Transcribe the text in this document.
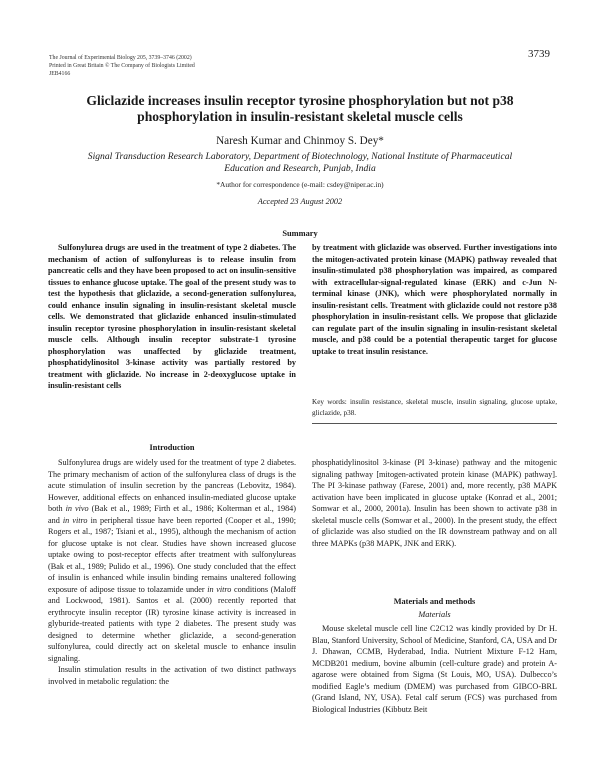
The Journal of Experimental Biology 205, 3739–3746 (2002)
Printed in Great Britain © The Company of Biologists Limited
JEB4166
3739
Gliclazide increases insulin receptor tyrosine phosphorylation but not p38
phosphorylation in insulin-resistant skeletal muscle cells
Naresh Kumar and Chinmoy S. Dey*
Signal Transduction Research Laboratory, Department of Biotechnology, National Institute of Pharmaceutical
Education and Research, Punjab, India
*Author for correspondence (e-mail: csdey@niper.ac.in)
Accepted 23 August 2002
Summary
Sulfonylurea drugs are used in the treatment of type 2 diabetes. The mechanism of action of sulfonylureas is to release insulin from pancreatic cells and they have been proposed to act on insulin-sensitive tissues to enhance glucose uptake. The goal of the present study was to test the hypothesis that gliclazide, a second-generation sulfonylurea, could enhance insulin signaling in insulin-resistant skeletal muscle cells. We demonstrated that gliclazide enhanced insulin-stimulated insulin receptor tyrosine phosphorylation in insulin-resistant skeletal muscle cells. Although insulin receptor substrate-1 tyrosine phosphorylation was unaffected by gliclazide treatment, phosphatidylinositol 3-kinase activity was partially restored by treatment with gliclazide. No increase in 2-deoxyglucose uptake in insulin-resistant cells
by treatment with gliclazide was observed. Further investigations into the mitogen-activated protein kinase (MAPK) pathway revealed that insulin-stimulated p38 phosphorylation was impaired, as compared with extracellular-signal-regulated kinase (ERK) and c-Jun N-terminal kinase (JNK), which were phosphorylated normally in insulin-resistant cells. Treatment with gliclazide could not restore p38 phosphorylation in insulin-resistant cells. We propose that gliclazide can regulate part of the insulin signaling in insulin-resistant skeletal muscle, and p38 could be a potential therapeutic target for glucose uptake to treat insulin resistance.
Key words: insulin resistance, skeletal muscle, insulin signaling, glucose uptake, gliclazide, p38.
Introduction

Sulfonylurea drugs are widely used for the treatment of type 2 diabetes. The primary mechanism of action of the sulfonylurea class of drugs is the acute stimulation of insulin secretion by the pancreas (Lebovitz, 1984). However, additional effects on enhanced insulin-mediated glucose uptake both in vivo (Bak et al., 1989; Firth et al., 1986; Kolterman et al., 1984) and in vitro in peripheral tissue have been reported (Cooper et al., 1990; Rogers et al., 1987; Tsiani et al., 1995), although the mechanism of action for glucose uptake is not clear. Studies have shown increased glucose uptake owing to post-receptor effects after treatment with sulfonylureas (Bak et al., 1989; Pulido et al., 1996). One study concluded that the effect of insulin is enhanced while insulin binding remains unaltered following exposure of adipose tissue to tolazamide under in vitro conditions (Maloff and Lockwood, 1981). Santos et al. (2000) recently reported that erythrocyte insulin receptor (IR) tyrosine kinase activity is increased in glyburide-treated patients with type 2 diabetes. The present study was designed to determine whether gliclazide, a second-generation sulfonylurea, could directly act on skeletal muscle to enhance insulin signaling.

Insulin stimulation results in the activation of two distinct pathways involved in metabolic regulation: the

phosphatidylinositol 3-kinase (PI 3-kinase) pathway and the mitogenic signaling pathway [mitogen-activated protein kinase (MAPK) pathway]. The PI 3-kinase pathway (Farese, 2001) and, more recently, p38 MAPK activation have been implicated in glucose uptake (Konrad et al., 2001; Somwar et al., 2000, 2001a). Insulin has been shown to activate p38 in skeletal muscle cells (Somwar et al., 2000). In the present study, the effect of gliclazide was also studied on the IR downstream pathway and on all three MAPKs (p38 MAPK, JNK and ERK).

Materials and methods
Materials

Mouse skeletal muscle cell line C2C12 was kindly provided by Dr H. Blau, Stanford University, School of Medicine, Stanford, CA, USA and Dr J. Dhawan, CCMB, Hyderabad, India. Nutrient Mixture F-12 Ham, MCDB201 medium, bovine albumin (cell-culture grade) and protein A-agarose were obtained from Sigma (St Louis, MO, USA). Dulbecco’s modified Eagle’s medium (DMEM) was purchased from GIBCO-BRL (Grand Island, NY, USA). Fetal calf serum (FCS) was purchased from Biological Industries (Kibbutz Beit
